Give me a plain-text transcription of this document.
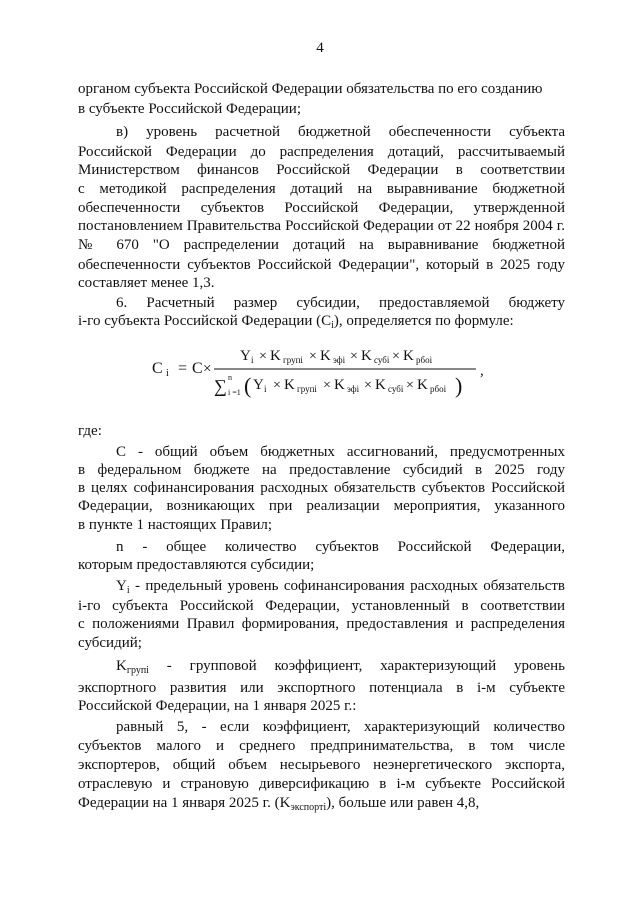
4
органом субъекта Российской Федерации обязательства по его созданию
в субъекте Российской Федерации;
в) уровень расчетной бюджетной обеспеченности субъекта
Российской Федерации до распределения дотаций, рассчитываемый
Министерством финансов Российской Федерации в соответствии
с методикой распределения дотаций на выравнивание бюджетной
обеспеченности субъектов Российской Федерации, утвержденной
постановлением Правительства Российской Федерации от 22 ноября 2004 г.
№ 670 "О распределении дотаций на выравнивание бюджетной
обеспеченности субъектов Российской Федерации", который в 2025 году
составляет менее 1,3.
6. Расчетный размер субсидии, предоставляемой бюджету
i-го субъекта Российской Федерации $(C_i)$, определяется по формуле:
C i = C ×
Y i × K групi × K эфi × K субi × K рбоi
∑ n
i =1 ( Y i × K групi × K эфi × K субi × K рбоi )
,
где:
С - общий объем бюджетных ассигнований, предусмотренных
в федеральном бюджете на предоставление субсидий в 2025 году
в целях софинансирования расходных обязательств субъектов Российской
Федерации, возникающих при реализации мероприятия, указанного
в пункте 1 настоящих Правил;
n - общее количество субъектов Российской Федерации,
которым предоставляются субсидии;
$Y_i$ - предельный уровень софинансирования расходных обязательств
i-го субъекта Российской Федерации, установленный в соответствии
с положениями Правил формирования, предоставления и распределения
субсидий;
$K_{групi}$ - групповой коэффициент, характеризующий уровень
экспортного развития или экспортного потенциала в i-м субъекте
Российской Федерации, на 1 января 2025 г.:
равный 5, - если коэффициент, характеризующий количество
субъектов малого и среднего предпринимательства, в том числе
экспортеров, общий объем несырьевого неэнергетического экспорта,
отраслевую и страновую диверсификацию в i-м субъекте Российской
Федерации на 1 января 2025 г. $(K_{экспортi})$, больше или равен 4,8,
